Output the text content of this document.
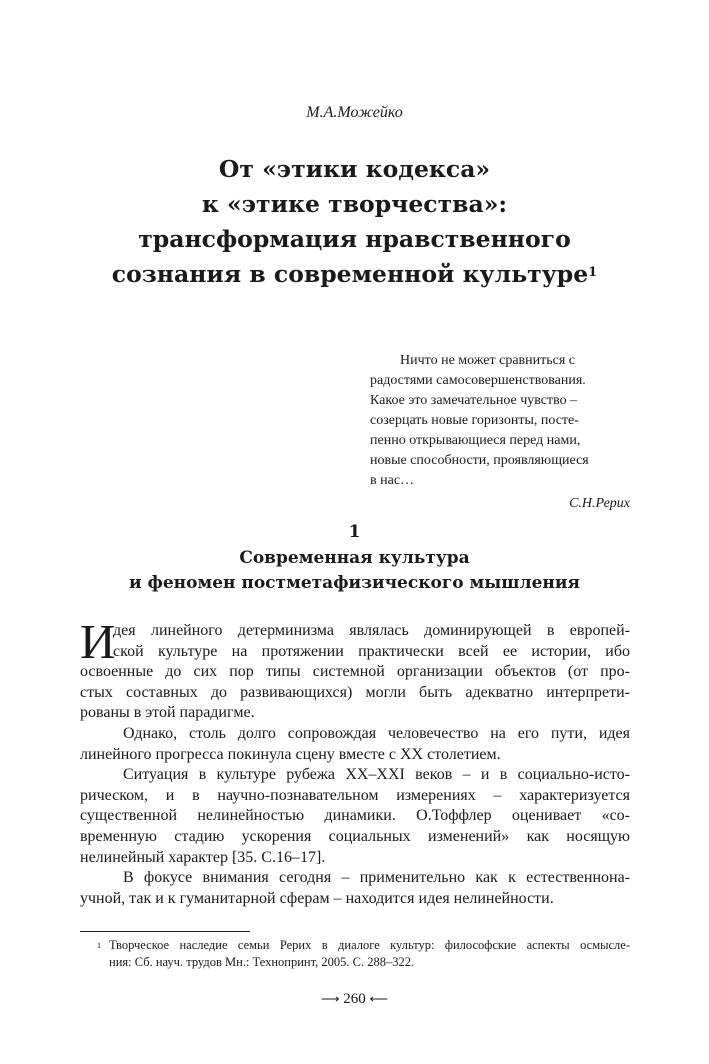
М.А.Можейко
От «этики кодекса»
к «этике творчества»:
трансформация нравственного
сознания в современной культуре$^1$
Ничто не может сравниться с
радостями самосовершенствования.
Какое это замечательное чувство –
созерцать новые горизонты, посте-
пенно открывающиеся перед нами,
новые способности, проявляющиеся
в нас…
С.Н.Рерих
1
Современная культура
и феномен постметафизического мышления
И
дея линейного детерминизма являлась доминирующей в европей-
ской культуре на протяжении практически всей ее истории, ибо
освоенные до сих пор типы системной организации объектов (от про-
стых составных до развивающихся) могли быть адекватно интерпрети-
рованы в этой парадигме.
Однако, столь долго сопровождая человечество на его пути, идея
линейного прогресса покинула сцену вместе с XX столетием.
Ситуация в культуре рубежа XX–XXI веков – и в социально-исто-
рическом, и в научно-познавательном измерениях – характеризуется
существенной нелинейностью динамики. О.Тоффлер оценивает «со-
временную стадию ускорения социальных изменений» как носящую
нелинейный характер [35. С.16–17].
В фокусе внимания сегодня – применительно как к естественнона-
учной, так и к гуманитарной сферам – находится идея нелинейности.
1 Творческое наследие семьи Рерих в диалоге культур: философские аспекты осмысле-
ния: Сб. науч. трудов Мн.: Технопринт, 2005. С. 288–322.
⟶ 260 ⟵
